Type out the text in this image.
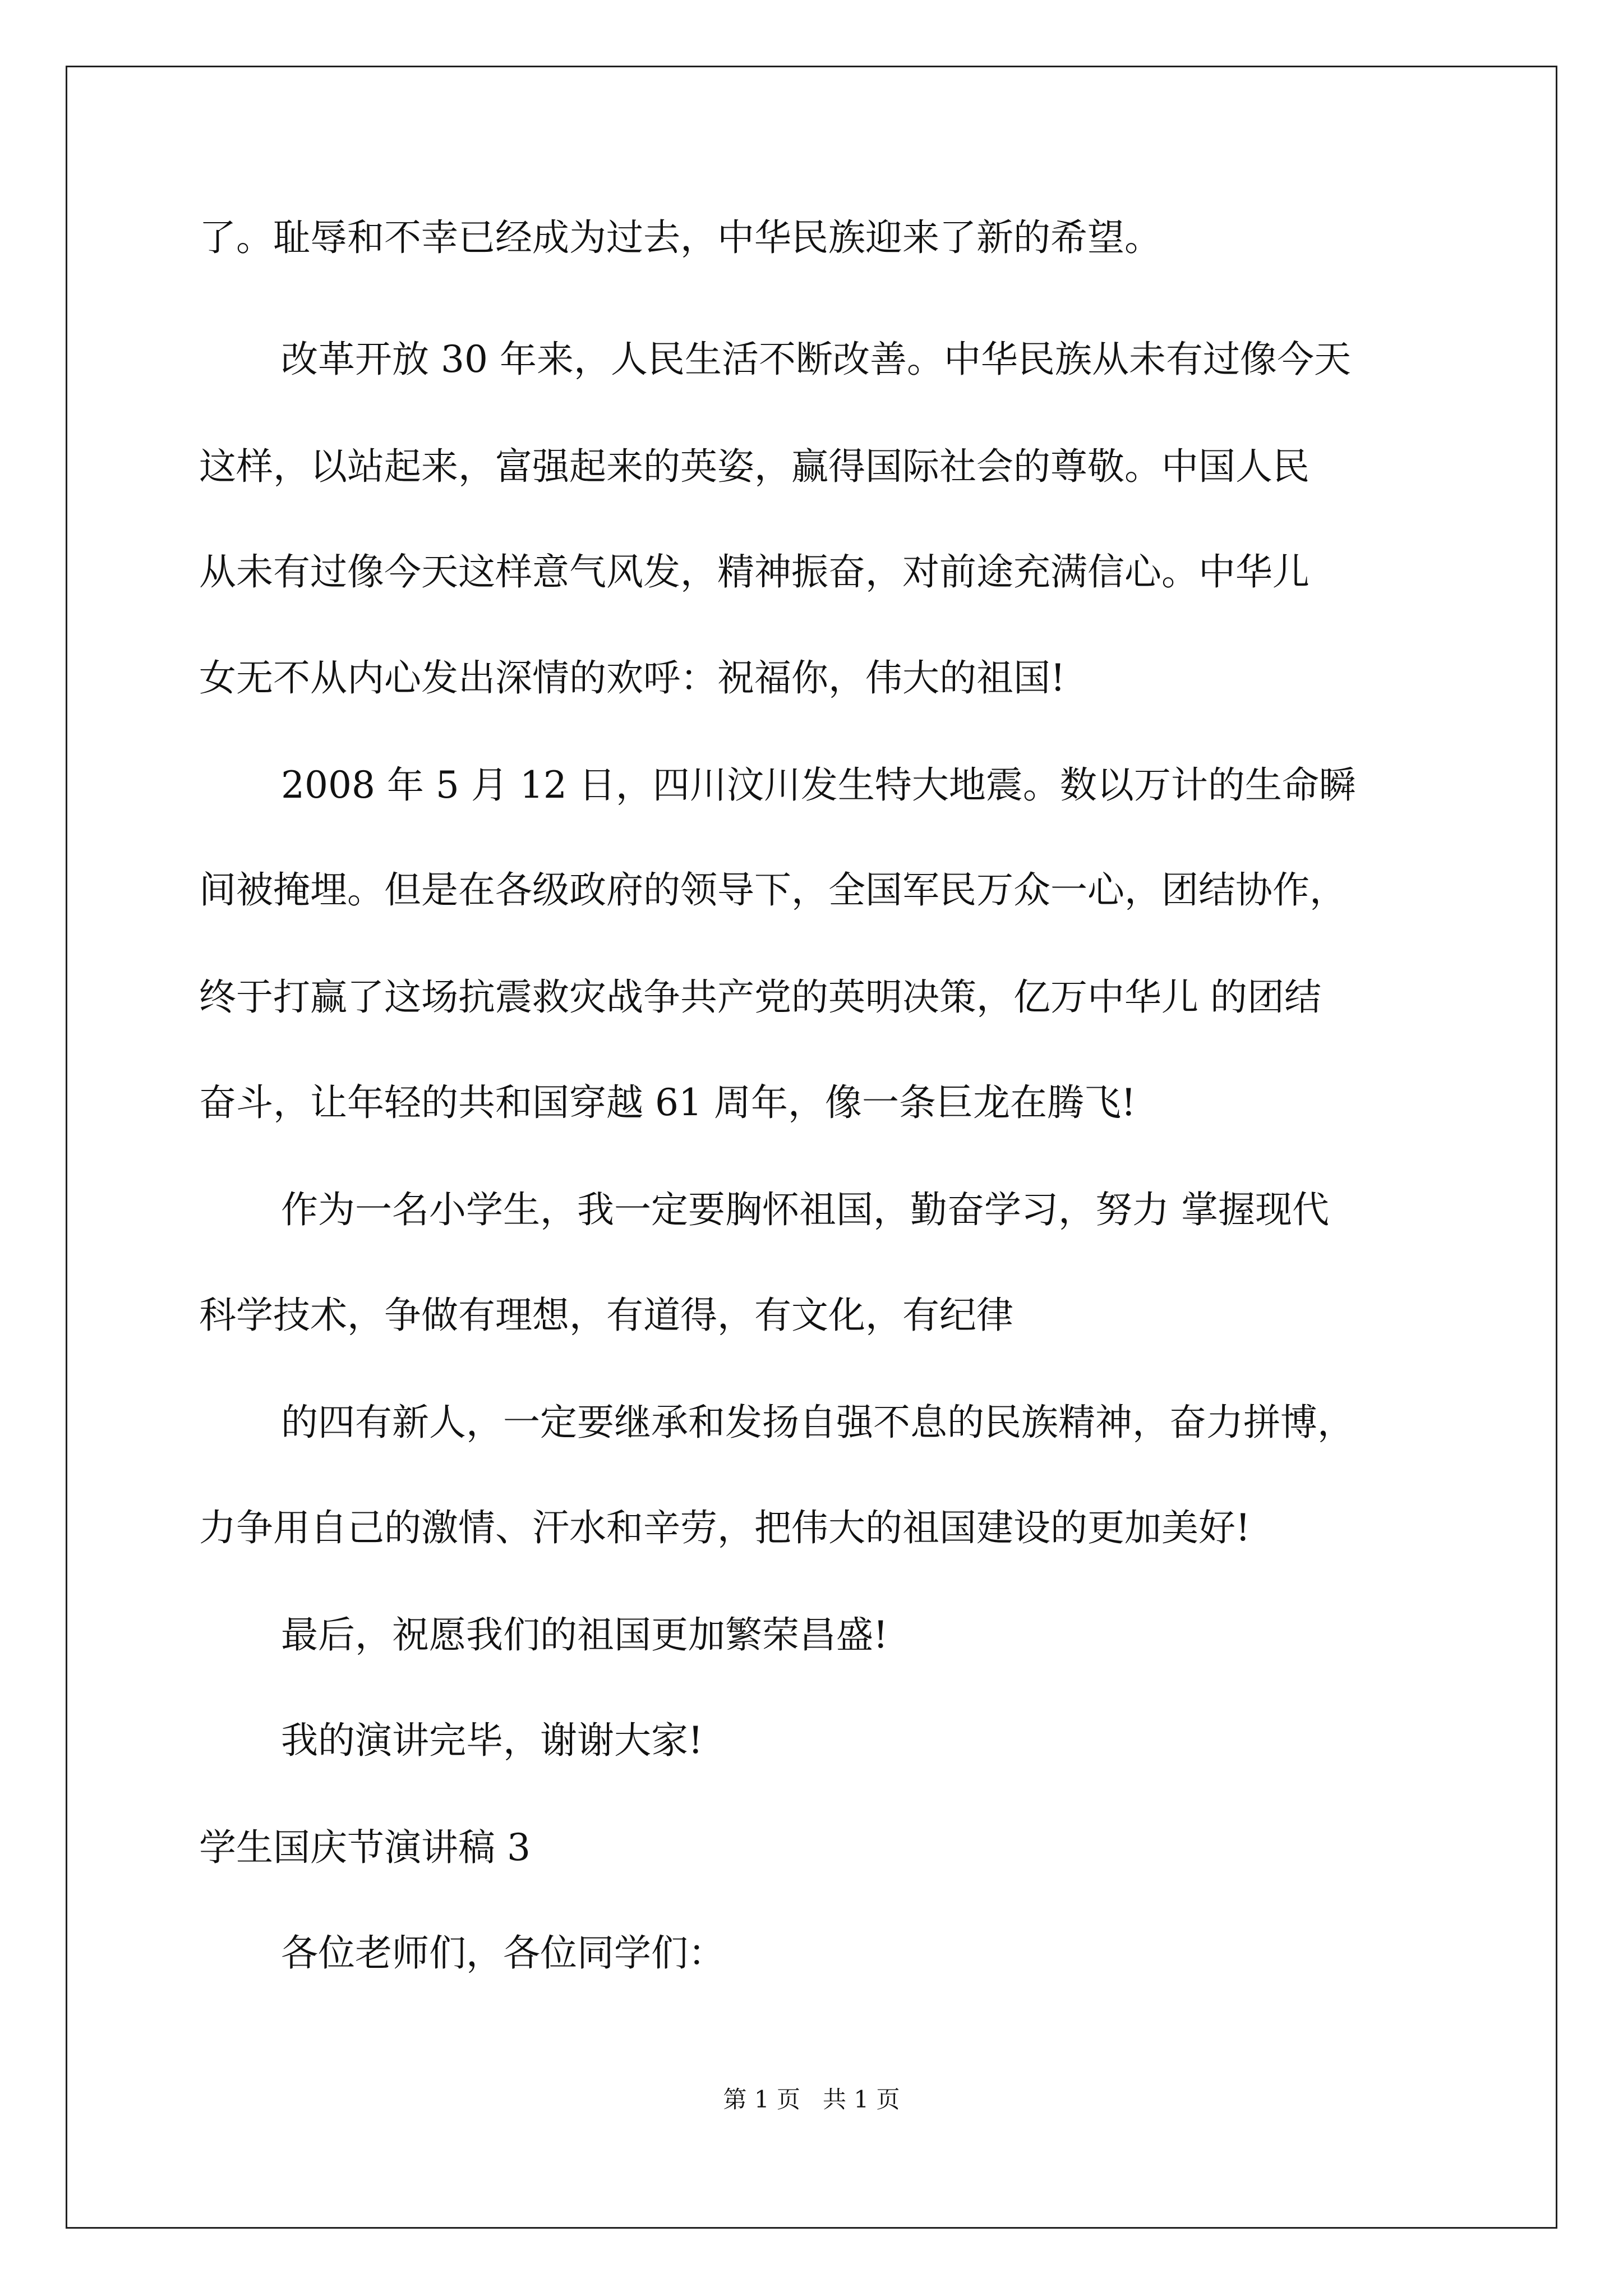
了。耻辱和不幸已经成为过去，中华民族迎来了新的希望。
改革开放 30 年来，人民生活不断改善。中华民族从未有过像今天
这样，以站起来，富强起来的英姿，赢得国际社会的尊敬。中国人民
从未有过像今天这样意气风发，精神振奋，对前途充满信心。中华儿
女无不从内心发出深情的欢呼：祝福你，伟大的祖国!
2008 年 5 月 12 日，四川汶川发生特大地震。数以万计的生命瞬
间被掩埋。但是在各级政府的领导下，全国军民万众一心，团结协作，
终于打赢了这场抗震救灾战争共产党的英明决策，亿万中华儿 的团结
奋斗，让年轻的共和国穿越 61 周年，像一条巨龙在腾飞!
作为一名小学生，我一定要胸怀祖国，勤奋学习，努力 掌握现代
科学技术，争做有理想，有道得，有文化，有纪律
的四有新人，一定要继承和发扬自强不息的民族精神，奋力拼博，
力争用自己的激情、汗水和辛劳，把伟大的祖国建设的更加美好!
最后，祝愿我们的祖国更加繁荣昌盛!
我的演讲完毕，谢谢大家!
学生国庆节演讲稿 3
各位老师们，各位同学们：
第 1 页   共 1 页
